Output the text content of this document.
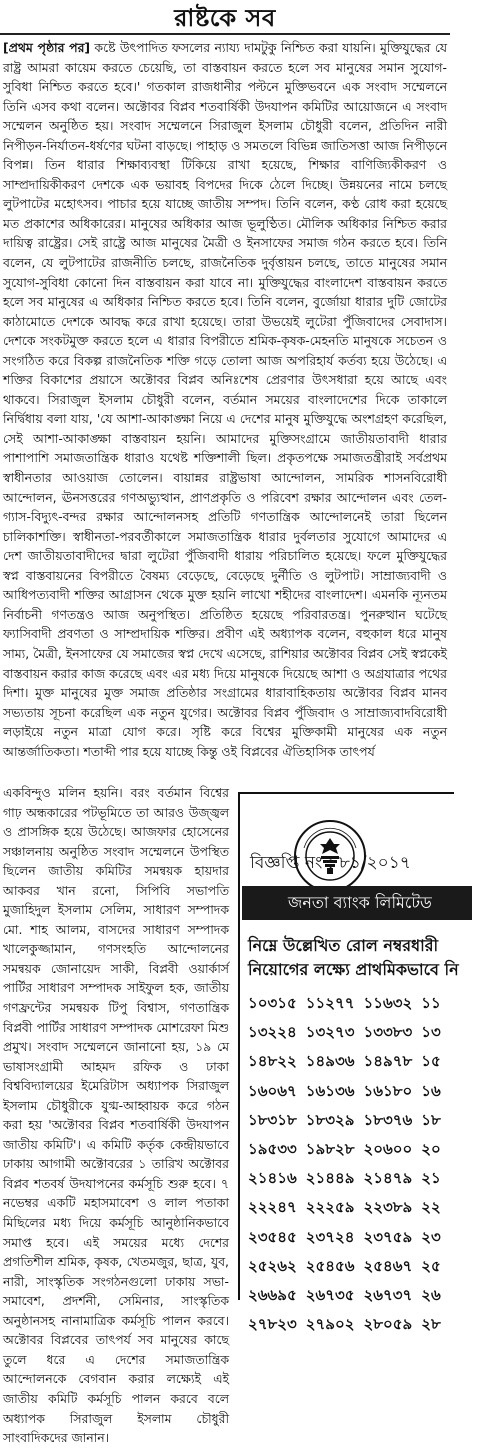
রাষ্টকে সব
[প্রথম পৃষ্ঠার পর] কষ্টে উৎপাদিত ফসলের ন্যায্য দামটুকু নিশ্চিত করা যায়নি। মুক্তিযুদ্ধের যে রাষ্ট্র আমরা কায়েম করতে চেয়েছি, তা বাস্তবায়ন করতে হলে সব মানুষের সমান সুযোগ-সুবিধা নিশ্চিত করতে হবে।' গতকাল রাজধানীর পল্টনে মুক্তিভবনে এক সংবাদ সম্মেলনে তিনি এসব কথা বলেন। অক্টোবর বিপ্লব শতবার্ষিকী উদযাপন কমিটির আয়োজনে এ সংবাদ সম্মেলন অনুষ্ঠিত হয়। সংবাদ সম্মেলনে সিরাজুল ইসলাম চৌধুরী বলেন, প্রতিদিন নারী নিপীড়ন-নির্যাতন-ধর্ষণের ঘটনা বাড়ছে। পাহাড় ও সমতলে বিভিন্ন জাতিসত্তা আজ নিপীড়নে বিপন্ন। তিন ধারার শিক্ষাব্যবস্থা টিকিয়ে রাখা হয়েছে, শিক্ষার বাণিজ্যিকীকরণ ও সাম্প্রদায়িকীকরণ দেশকে এক ভয়াবহ বিপদের দিকে ঠেলে দিচ্ছে। উন্নয়নের নামে চলছে লুটপাটের মহোৎসব। পাচার হয়ে যাচ্ছে জাতীয় সম্পদ। তিনি বলেন, কণ্ঠ রোধ করা হয়েছে মত প্রকাশের অধিকারের। মানুষের অধিকার আজ ভূলুণ্ঠিত। মৌলিক অধিকার নিশ্চিত করার দায়িত্ব রাষ্ট্রের। সেই রাষ্ট্রে আজ মানুষের মৈত্রী ও ইনসাফের সমাজ গঠন করতে হবে। তিনি বলেন, যে লুটপাটের রাজনীতি চলছে, রাজনৈতিক দুর্বৃত্তায়ন চলছে, তাতে মানুষের সমান সুযোগ-সুবিধা কোনো দিন বাস্তবায়ন করা যাবে না। মুক্তিযুদ্ধের বাংলাদেশ বাস্তবায়ন করতে হলে সব মানুষের এ অধিকার নিশ্চিত করতে হবে। তিনি বলেন, বুর্জোয়া ধারার দুটি জোটের কাঠামোতে দেশকে আবদ্ধ করে রাখা হয়েছে। তারা উভয়েই লুটেরা পুঁজিবাদের সেবাদাস। দেশকে সংকটমুক্ত করতে হলে এ ধারার বিপরীতে শ্রমিক-কৃষক-মেহনতি মানুষকে সচেতন ও সংগঠিত করে বিকল্প রাজনৈতিক শক্তি গড়ে তোলা আজ অপরিহার্য কর্তব্য হয়ে উঠেছে। এ শক্তির বিকাশের প্রয়াসে অক্টোবর বিপ্লব অনিঃশেষ প্রেরণার উৎসধারা হয়ে আছে এবং থাকবে। সিরাজুল ইসলাম চৌধুরী বলেন, বর্তমান সময়ের বাংলাদেশের দিকে তাকালে নির্দ্বিধায় বলা যায়, 'যে আশা-আকাঙ্ক্ষা নিয়ে এ দেশের মানুষ মুক্তিযুদ্ধে অংশগ্রহণ করেছিল, সেই আশা-আকাঙ্ক্ষা বাস্তবায়ন হয়নি। আমাদের মুক্তিসংগ্রামে জাতীয়তাবাদী ধারার পাশাপাশি সমাজতান্ত্রিক ধারাও যথেষ্ট শক্তিশালী ছিল। প্রকৃতপক্ষে সমাজতন্ত্রীরাই সর্বপ্রথম স্বাধীনতার আওয়াজ তোলেন। বায়ান্নর রাষ্ট্রভাষা আন্দোলন, সামরিক শাসনবিরোধী আন্দোলন, ঊনসত্তরের গণঅভ্যুত্থান, প্রাণপ্রকৃতি ও পরিবেশ রক্ষার আন্দোলন এবং তেল-গ্যাস-বিদ্যুৎ-বন্দর রক্ষার আন্দোলনসহ প্রতিটি গণতান্ত্রিক আন্দোলনেই তারা ছিলেন চালিকাশক্তি। স্বাধীনতা-পরবর্তীকালে সমাজতান্ত্রিক ধারার দুর্বলতার সুযোগে আমাদের এ দেশ জাতীয়তাবাদীদের দ্বারা লুটেরা পুঁজিবাদী ধারায় পরিচালিত হয়েছে। ফলে মুক্তিযুদ্ধের স্বপ্ন বাস্তবায়নের বিপরীতে বৈষম্য বেড়েছে, বেড়েছে দুর্নীতি ও লুটপাট। সাম্রাজ্যবাদী ও আধিপত্যবাদী শক্তির আগ্রাসন থেকে মুক্ত হয়নি লাখো শহীদের বাংলাদেশ। এমনকি ন্যূনতম নির্বাচনী গণতন্ত্রও আজ অনুপস্থিত। প্রতিষ্ঠিত হয়েছে পরিবারতন্ত্র। পুনরুত্থান ঘটেছে ফ্যাসিবাদী প্রবণতা ও সাম্প্রদায়িক শক্তির। প্রবীণ এই অধ্যাপক বলেন, বহুকাল ধরে মানুষ সাম্য, মৈত্রী, ইনসাফের যে সমাজের স্বপ্ন দেখে এসেছে, রাশিয়ার অক্টোবর বিপ্লব সেই স্বপ্নকেই বাস্তবায়ন করার কাজ করেছে এবং এর মধ্য দিয়ে মানুষকে দিয়েছে আশা ও অগ্রযাত্রার পথের দিশা। মুক্ত মানুষের মুক্ত সমাজ প্রতিষ্ঠার সংগ্রামের ধারাবাহিকতায় অক্টোবর বিপ্লব মানব সভ্যতায় সূচনা করেছিল এক নতুন যুগের। অক্টোবর বিপ্লব পুঁজিবাদ ও সাম্রাজ্যবাদবিরোধী লড়াইয়ে নতুন মাত্রা যোগ করে। সৃষ্টি করে বিশ্বের মুক্তিকামী মানুষের এক নতুন আন্তর্জাতিকতা। শতাব্দী পার হয়ে যাচ্ছে কিন্তু ওই বিপ্লবের ঐতিহাসিক তাৎপর্য
একবিন্দুও মলিন হয়নি। বরং বর্তমান বিশ্বের গাঢ় অন্ধকারের পটভূমিতে তা আরও উজ্জ্বল ও প্রাসঙ্গিক হয়ে উঠেছে। আজফার হোসেনের সঞ্চালনায় অনুষ্ঠিত সংবাদ সম্মেলনে উপস্থিত ছিলেন জাতীয় কমিটির সমন্বয়ক হায়দার আকবর খান রনো, সিপিবি সভাপতি মুজাহিদুল ইসলাম সেলিম, সাধারণ সম্পাদক মো. শাহ আলম, বাসদের সাধারণ সম্পাদক খালেকুজ্জামান, গণসংহতি আন্দোলনের সমন্বয়ক জোনায়েদ সাকী, বিপ্লবী ওয়ার্কার্স পার্টির সাধারণ সম্পাদক সাইফুল হক, জাতীয় গণফ্রন্টের সমন্বয়ক টিপু বিশ্বাস, গণতান্ত্রিক বিপ্লবী পার্টির সাধারণ সম্পাদক মোশরেফা মিশু প্রমুখ। সংবাদ সম্মেলনে জানানো হয়, ১৯ মে ভাষাসংগ্রামী আহমদ রফিক ও ঢাকা বিশ্ববিদ্যালয়ের ইমেরিটাস অধ্যাপক সিরাজুল ইসলাম চৌধুরীকে যুগ্ম-আহ্বায়ক করে গঠন করা হয় 'অক্টোবর বিপ্লব শতবার্ষিকী উদযাপন জাতীয় কমিটি'। এ কমিটি কর্তৃক কেন্দ্রীয়ভাবে ঢাকায় আগামী অক্টোবরের ১ তারিখ অক্টোবর বিপ্লব শতবর্ষ উদযাপনের কর্মসূচি শুরু হবে। ৭ নভেম্বর একটি মহাসমাবেশ ও লাল পতাকা মিছিলের মধ্য দিয়ে কর্মসূচি আনুষ্ঠানিকভাবে সমাপ্ত হবে। এই সময়ের মধ্যে দেশের প্রগতিশীল শ্রমিক, কৃষক, খেতমজুর, ছাত্র, যুব, নারী, সাংস্কৃতিক সংগঠনগুলো ঢাকায় সভা-সমাবেশ, প্রদর্শনী, সেমিনার, সাংস্কৃতিক অনুষ্ঠানসহ নানামাত্রিক কর্মসূচি পালন করবে। অক্টোবর বিপ্লবের তাৎপর্য সব মানুষের কাছে তুলে ধরে এ দেশের সমাজতান্ত্রিক আন্দোলনকে বেগবান করার লক্ষ্যেই এই জাতীয় কমিটি কর্মসূচি পালন করবে বলে অধ্যাপক সিরাজুল ইসলাম চৌধুরী সাংবাদিকদের জানান।
বিজ্ঞপ্তি নং : ৮১/২০১৭
জনতা ব্যাংক লিমিটেড
নিম্নে উল্লেখিত রোল নম্বরধারী
নিয়োগের লক্ষ্যে প্রাথমিকভাবে নি
১০৩১৫	১১২৭৭	১১৬৩২	১১
১৩২২৪	১৩২৭৩	১৩৩৮৩	১৩
১৪৮২২	১৪৯৩৬	১৪৯৭৮	১৫
১৬০৬৭	১৬১৩৬	১৬১৮০	১৬
১৮৩১৮	১৮৩২৯	১৮৩৭৬	১৮
১৯৫৩৩	১৯৮২৮	২০৬০০	২০
২১৪১৬	২১৪৪৯	২১৪৭৯	২১
২২২৪৭	২২২৫৯	২২৩৮৯	২২
২৩৫৪৫	২৩৭২৪	২৩৭৫৯	২৩
২৫২৬২	২৫৪৫৬	২৫৪৬৭	২৫
২৬৬৯৫	২৬৭৩৫	২৬৭৩৭	২৬
২৭৮২৩	২৭৯০২	২৮০৫৯	২৮
